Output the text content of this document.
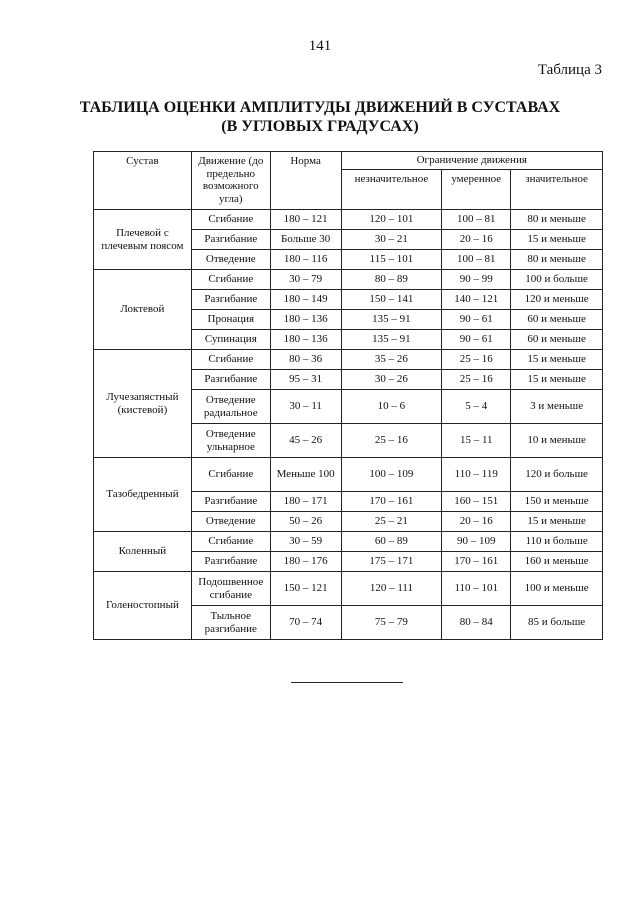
141
Таблица 3
ТАБЛИЦА ОЦЕНКИ АМПЛИТУДЫ ДВИЖЕНИЙ В СУСТАВАХ
(В УГЛОВЫХ ГРАДУСАХ)
Сустав	Движение (до предельно возможного угла)	Норма	Ограничение движения		
			незначительное	умеренное	значительное
Плечевой с плечевым поясом	Сгибание	180 – 121	120 – 101	100 – 81	80 и меньше
	Разгибание	Больше 30	30 – 21	20 – 16	15 и меньше
	Отведение	180 – 116	115 – 101	100 – 81	80 и меньше
Локтевой	Сгибание	30 – 79	80 – 89	90 – 99	100 и больше
	Разгибание	180 – 149	150 – 141	140 – 121	120 и меньше
	Пронация	180 – 136	135 – 91	90 – 61	60 и меньше
	Супинация	180 – 136	135 – 91	90 – 61	60 и меньше
Лучезапястный (кистевой)	Сгибание	80 – 36	35 – 26	25 – 16	15 и меньше
	Разгибание	95 – 31	30 – 26	25 – 16	15 и меньше
	Отведение радиальное	30 – 11	10 – 6	5 – 4	3 и меньше
	Отведение ульнарное	45 – 26	25 – 16	15 – 11	10 и меньше
Тазобедренный	Сгибание	Меньше 100	100 – 109	110 – 119	120 и больше
	Разгибание	180 – 171	170 – 161	160 – 151	150 и меньше
	Отведение	50 – 26	25 – 21	20 – 16	15 и меньше
Коленный	Сгибание	30 – 59	60 – 89	90 – 109	110 и больше
	Разгибание	180 – 176	175 – 171	170 – 161	160 и меньше
Голеностопный	Подошвенное сгибание	150 – 121	120 – 111	110 – 101	100 и меньше
	Тыльное разгибание	70 – 74	75 – 79	80 – 84	85 и больше
